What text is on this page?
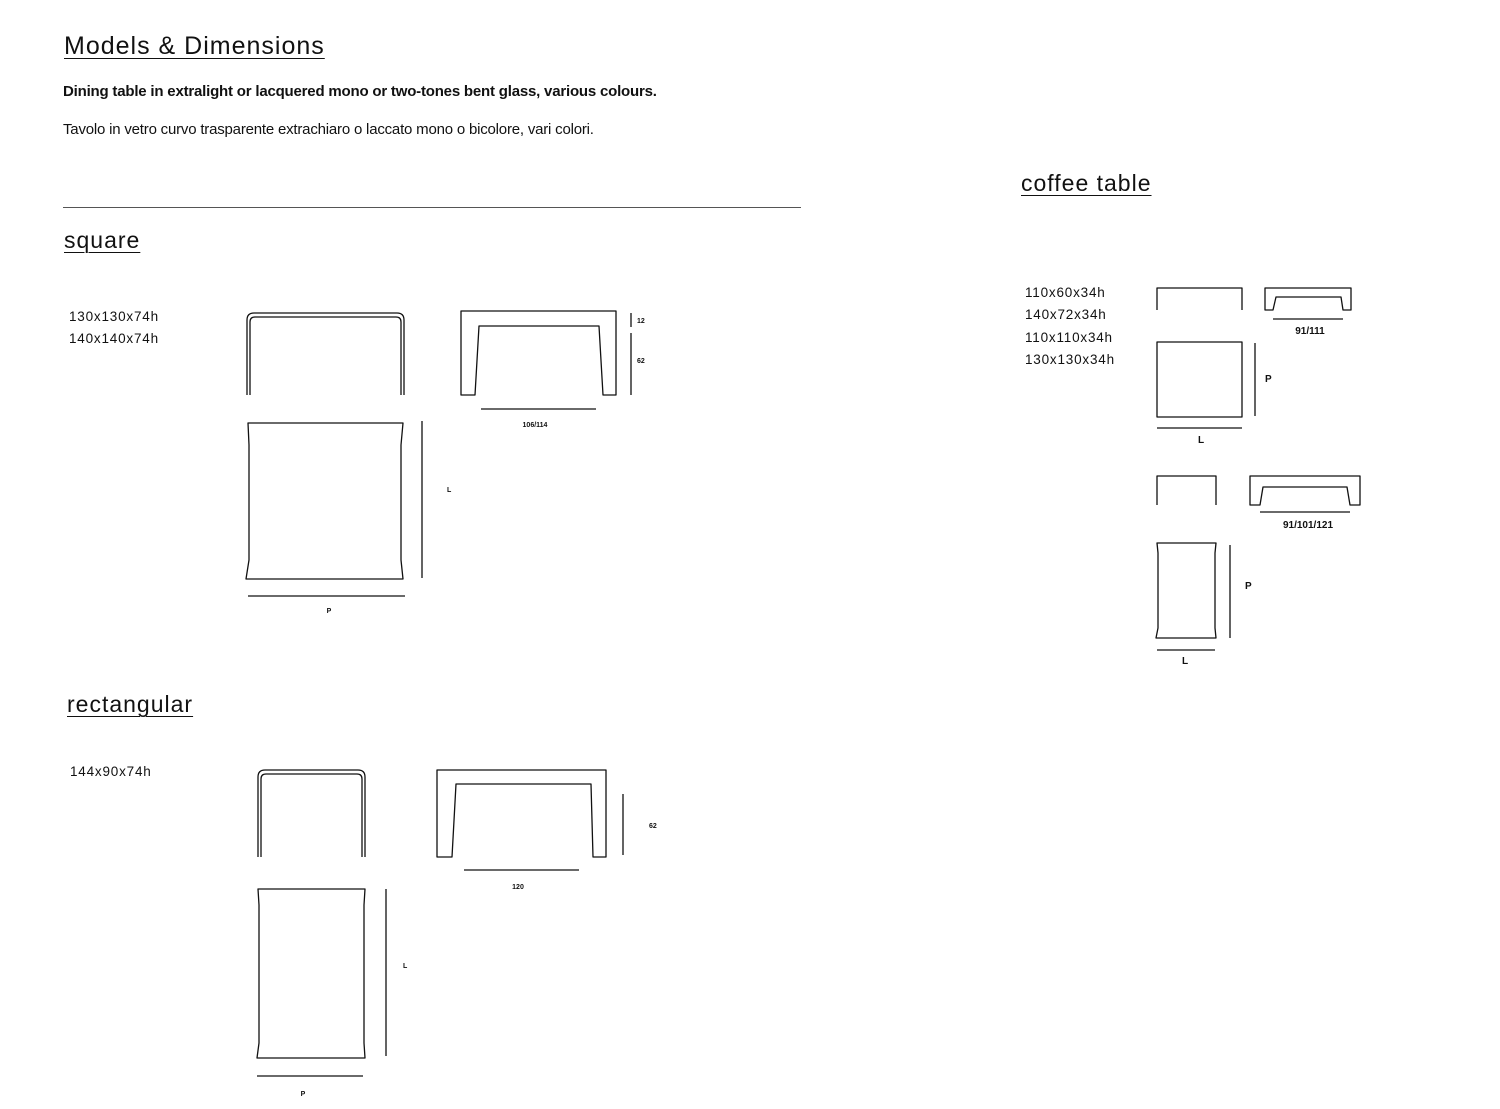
Models & Dimensions
Dining table in extralight or lacquered mono or two-tones bent glass, various colours.
Tavolo in vetro curvo trasparente extrachiaro o laccato mono o bicolore, vari colori.
square
130x130x74h
140x140x74h
rectangular
144x90x74h
coffee table
110x60x34h
140x72x34h
110x110x34h
130x130x34h
12
62
106/114
L
P
62
120
L
P
91/111
P
L
91/101/121
P
L
